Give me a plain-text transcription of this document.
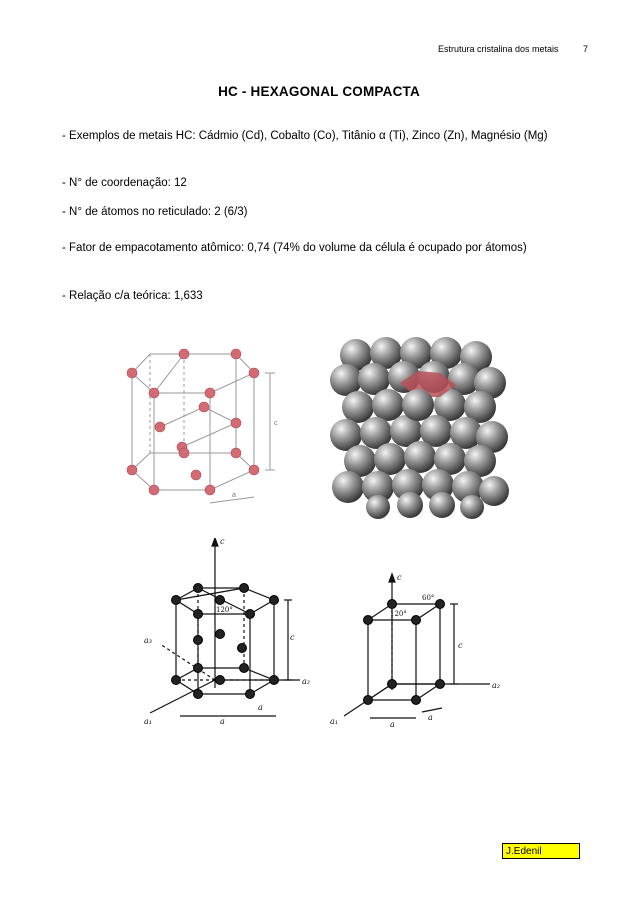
Estrutura cristalina dos metais	7
HC - HEXAGONAL COMPACTA
- Exemplos de metais HC: Cádmio (Cd), Cobalto (Co), Titânio α (Ti), Zinco (Zn), Magnésio (Mg)
- N° de coordenação: 12
- N° de átomos no reticulado: 2 (6/3)
- Fator de empacotamento atômico: 0,74 (74% do volume da célula é ocupado por átomos)
- Relação c/a teórica: 1,633
c
a
c
a₃
a₁
a₂
c
a
a
120°
c
a₁
a₂
c
a
a
120°
60°
J.Edenil
